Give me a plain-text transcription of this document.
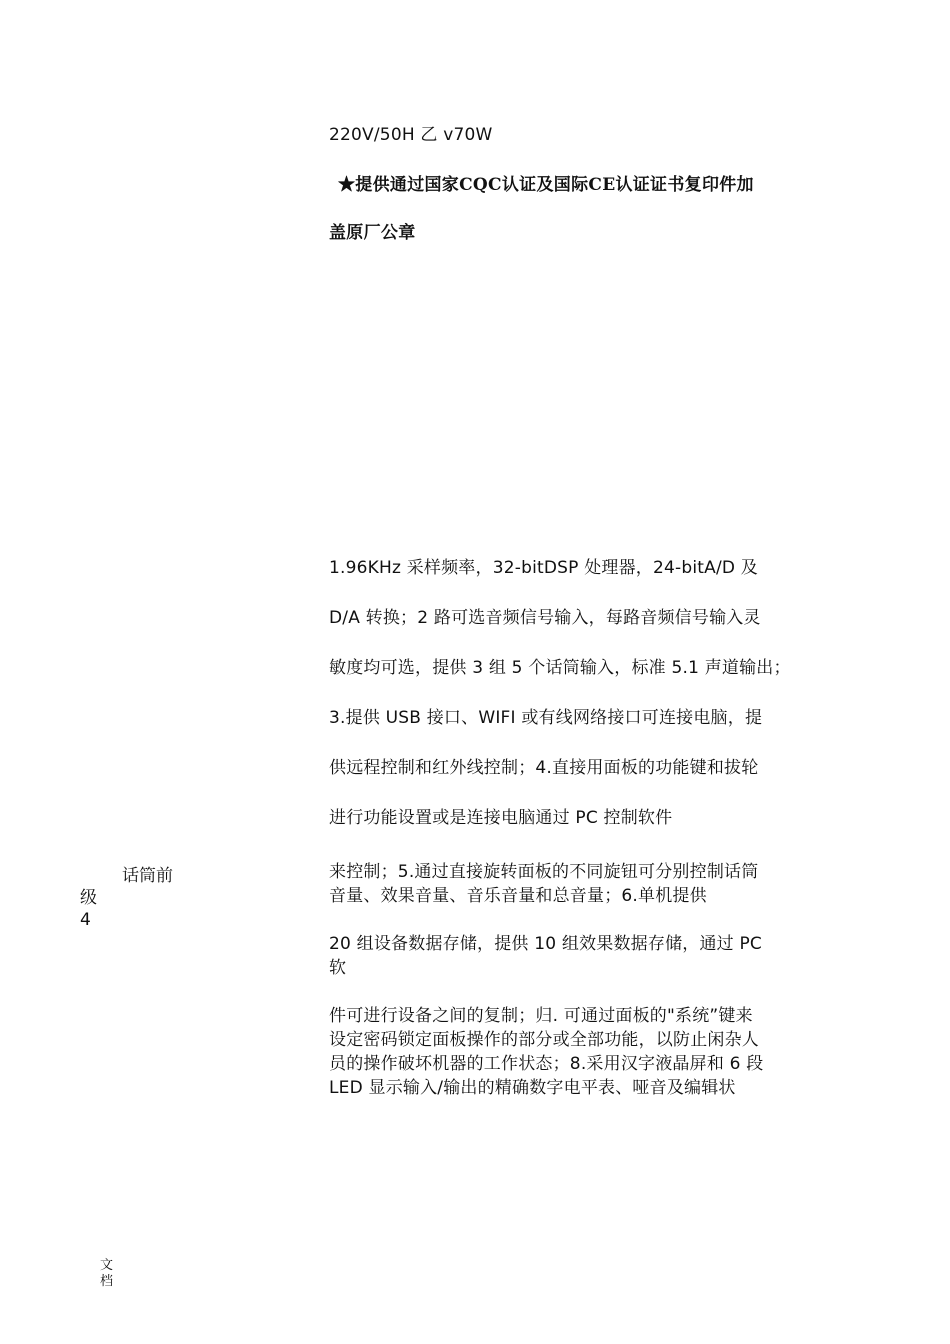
220V/50H 乙 v70W
★提供通过国家CQC认证及国际CE认证证书复印件加
盖原厂公章
1.96KHz 采样频率，32-bitDSP 处理器，24-bitA/D 及
D/A 转换；2 路可选音频信号输入，每路音频信号输入灵
敏度均可选，提供 3 组 5 个话筒输入，标准 5.1 声道输出；
3.提供 USB 接口、WIFI 或有线网络接口可连接电脑，提
供远程控制和红外线控制；4.直接用面板的功能键和拔轮
进行功能设置或是连接电脑通过 PC 控制软件
来控制；5.通过直接旋转面板的不同旋钮可分别控制话筒
音量、效果音量、音乐音量和总音量；6.单机提供
20 组设备数据存储，提供 10 组效果数据存储，通过 PC
软
件可进行设备之间的复制；归. 可通过面板的"系统”键来
设定密码锁定面板操作的部分或全部功能，以防止闲杂人
员的操作破坏机器的工作状态；8.采用汉字液晶屏和 6 段
LED 显示输入/输出的精确数字电平表、哑音及编辑状
话筒前
级
4
文
档
